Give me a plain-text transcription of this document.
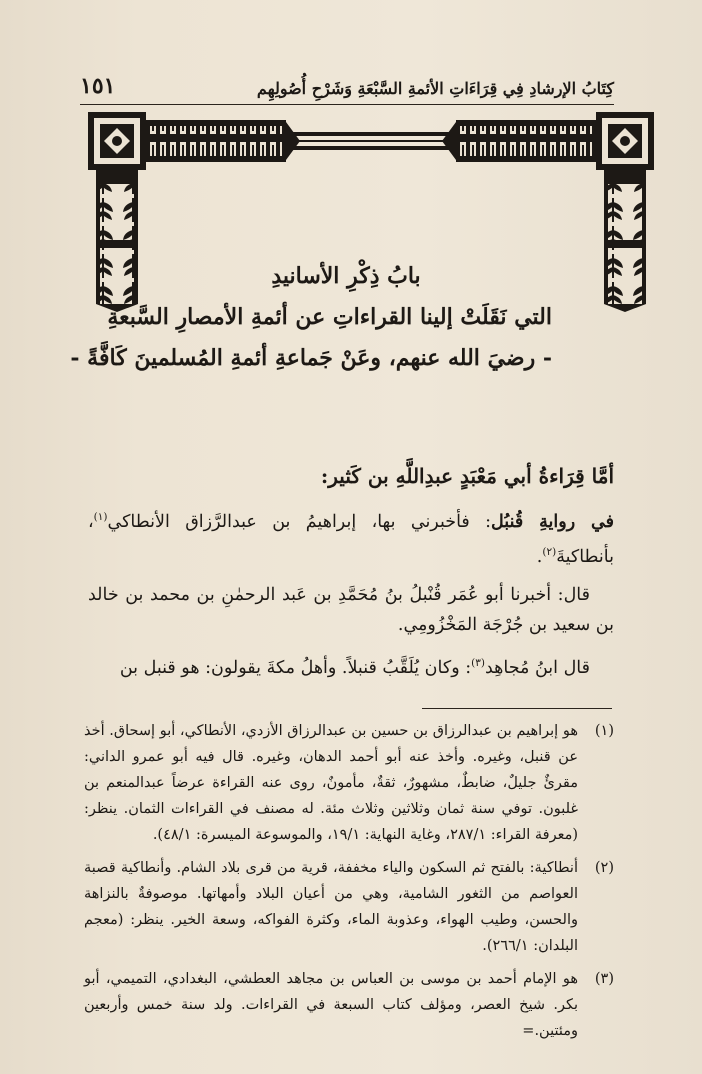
كِتَابُ الإرشادِ فِي قِرَاءَاتِ الأئمةِ السَّبْعَةِ وَشَرْحِ أُصُولِهِم
١٥١
بابُ ذِكْرِ الأسانيدِ
التي نَقَلَتْ إلينا القراءاتِ عن أئمةِ الأمصارِ السَّبعةِ
- رضيَ الله عنهم، وعَنْ جَماعةِ أئمةِ المُسلمينَ كَافَّةً -
أمَّا قِرَاءةُ أبي مَعْبَدٍ عبدِاللَّهِ بن كَثير:

في روايةِ قُنبُل: فأخبرني بها، إبراهيمُ بن عبدالرَّزاق الأنطاكي$^{(١)}$، بأنطاكيةَ$^{(٢)}$.

قال: أخبرنا أبو عُمَر قُنْبلُ بنُ مُحَمَّدِ بن عَبد الرحمٰنِ بن محمد بن خالد بن سعيد بن جُرْجَة المَخْزُومِي.

قال ابنُ مُجاهِد$^{(٣)}$: وكان يُلَقَّبُ قنبلاً. وأهلُ مكةَ يقولون: هو قنبل بن

(١)
هو إبراهيم بن عبدالرزاق بن حسين بن عبدالرزاق الأزدي، الأنطاكي، أبو إسحاق. أخذ عن قنبل، وغيره. وأخذ عنه أبو أحمد الدهان، وغيره. قال فيه أبو عمرو الداني: مقرئٌ جليلٌ، ضابطٌ، مشهورٌ، ثقةٌ، مأمونٌ، روى عنه القراءة عرضاً عبدالمنعم بن غلبون. توفي سنة ثمان وثلاثين وثلاث مئة. له مصنف في القراءات الثمان. ينظر: (معرفة القراء: ٢٨٧/١، وغاية النهاية: ١٩/١، والموسوعة الميسرة: ٤٨/١).
(٢)
أنطاكية: بالفتح ثم السكون والياء مخففة، قرية من قرى بلاد الشام. وأنطاكية قصبة العواصم من الثغور الشامية، وهي من أعيان البلاد وأمهاتها. موصوفةٌ بالنزاهة والحسن، وطيب الهواء، وعذوبة الماء، وكثرة الفواكه، وسعة الخير. ينظر: (معجم البلدان: ٢٦٦/١).
(٣)
هو الإمام أحمد بن موسى بن العباس بن مجاهد العطشي، البغدادي، التميمي، أبو بكر. شيخ العصر، ومؤلف كتاب السبعة في القراءات. ولد سنة خمس وأربعين ومئتين.=
